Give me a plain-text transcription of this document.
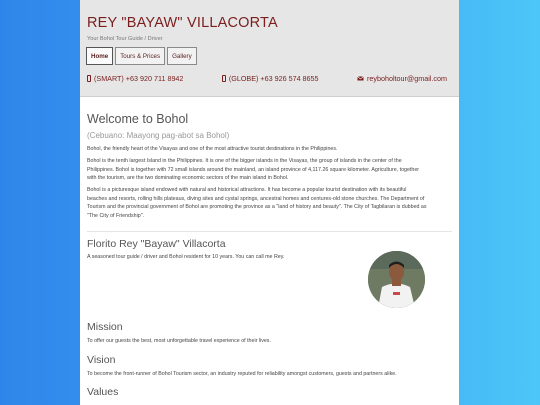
REY "BAYAW" VILLACORTA
Your Bohol Tour Guide / Driver
Home	Tours & Prices	Gallery
(SMART) +63 920 711 8942	(GLOBE) +63 926 574 8655	reyboholtour@gmail.com
Welcome to Bohol
(Cebuano: Maayong pag-abot sa Bohol)
Bohol, the friendly heart of the Visayas and one of the most attractive tourist destinations in the Philippines.
Bohol is the tenth largest Island in the Philippines. It is one of the bigger islands in the Visayas, the group of islands in the center of the Philippines. Bohol is together with 72 small islands around the mainland, an island province of 4,117.26 square kilometer. Agriculture, together with the tourism, are the two dominating economic sectors of the main island in Bohol.
Bohol is a picturesque island endowed with natural and historical attractions. It has become a popular tourist destination with its beautiful beaches and resorts, rolling hills plateaus, diving sites and cystal springs, ancestral homes and centures-old stone churches. The Department of Tourism and the provincial government of Bohol are promoting the province as a "land of history and beauty". The City of Tagbilaran is dubbed as "The City of Friendship".
Florito Rey "Bayaw" Villacorta
A seasoned tour guide / driver and Bohol resident for 10 years. You can call me Rey.
Mission
To offer our guests the best, most unforgettable travel experience of their lives.
Vision
To become the front-runner of Bohol Tourism sector, an industry reputed for reliability amongst customers, guests and partners alike.
Values
